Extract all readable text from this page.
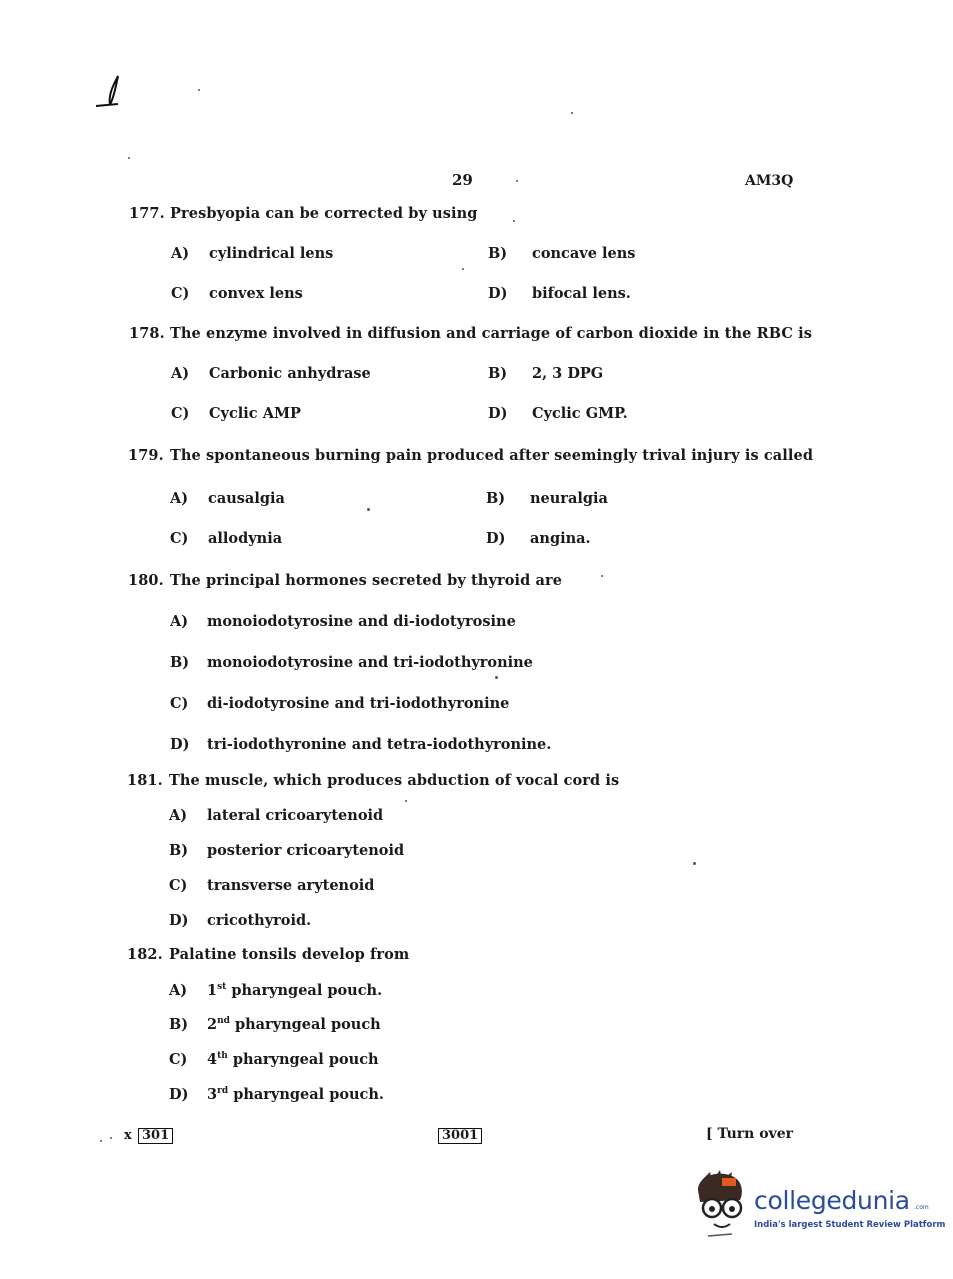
29	AM3Q
177. Presbyopia can be corrected by using
A) cylindrical lens	B) concave lens
C) convex lens	D) bifocal lens.
178. The enzyme involved in diffusion and carriage of carbon dioxide in the RBC is
A) Carbonic anhydrase	B) 2, 3 DPG
C) Cyclic AMP	D) Cyclic GMP.
179. The spontaneous burning pain produced after seemingly trival injury is called
A) causalgia	B) neuralgia
C) allodynia	D) angina.
180. The principal hormones secreted by thyroid are
A) monoiodotyrosine and di-iodotyrosine
B) monoiodotyrosine and tri-iodothyronine
C) di-iodotyrosine and tri-iodothyronine
D) tri-iodothyronine and tetra-iodothyronine.
181. The muscle, which produces abduction of vocal cord is
A) lateral cricoarytenoid
B) posterior cricoarytenoid
C) transverse arytenoid
D) cricothyroid.
182. Palatine tonsils develop from
A) 1st pharyngeal pouch.
B) 2nd pharyngeal pouch
C) 4th pharyngeal pouch
D) 3rd pharyngeal pouch.
x 301	3001	[ Turn over
collegedunia .com
India's largest Student Review Platform
